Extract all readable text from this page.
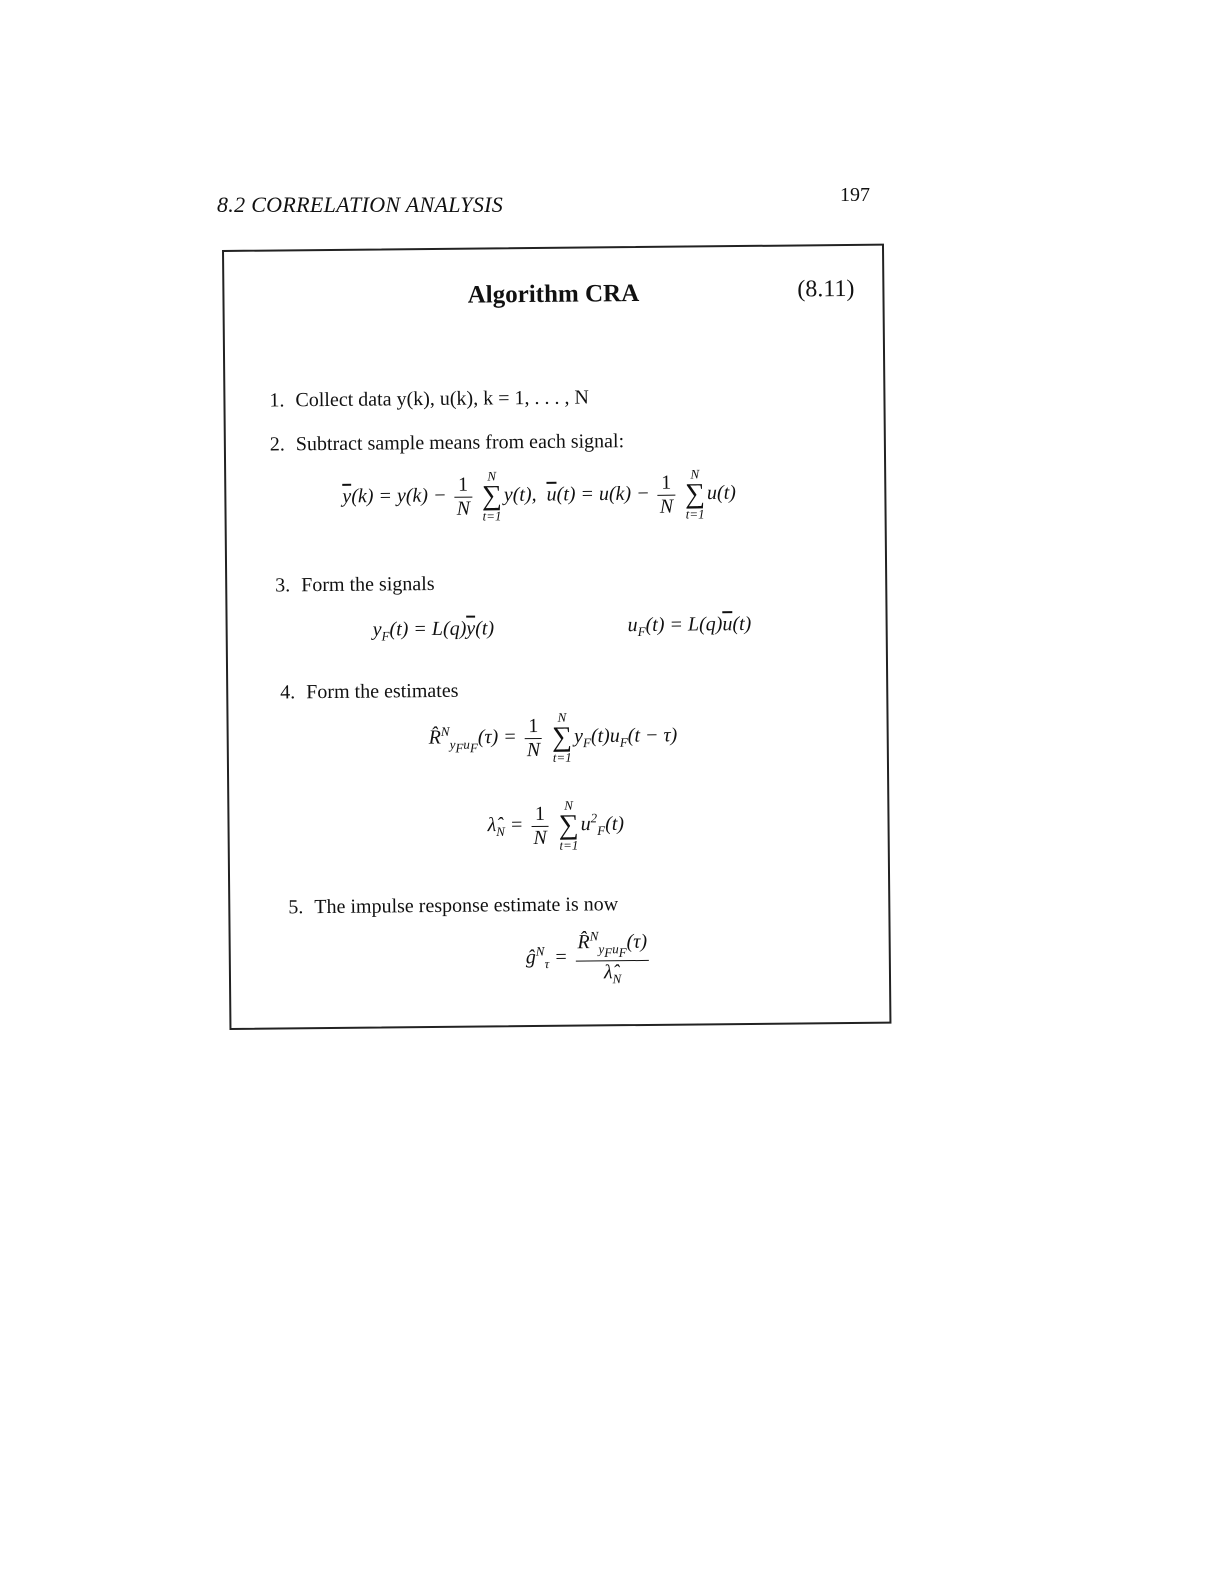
8.2 CORRELATION ANALYSIS	197
Algorithm CRA	(8.11)
1. Collect data y(k), u(k), k = 1, . . . , N
2. Subtract sample means from each signal:
$\overline{y}(k) = y(k) - \frac{1}{N}$
	N
∑
t=1
y(t),  $\overline{u}(t) = u(k) - \frac{1}{N}$
	N
∑
t=1
u(t)
3. Form the signals
$y_F(t) = L(q)\overline{y}(t)$	$u_F(t) = L(q)\overline{u}(t)$
4. Form the estimates
R̂$^N_{y_Fu_F}$(τ) = $\frac{1}{N}$
	N
∑
t=1
$y_F(t)u_F(t - \tau)$
$\lambdâ_N = \frac{1}{N}$
	N
∑
t=1
$u^2_F(t)$
5. The impulse response estimate is now
$ĝ^N_\tau = \frac{R̂^N_{y_Fu_F}(\tau)}{\lambdâ_N}$
